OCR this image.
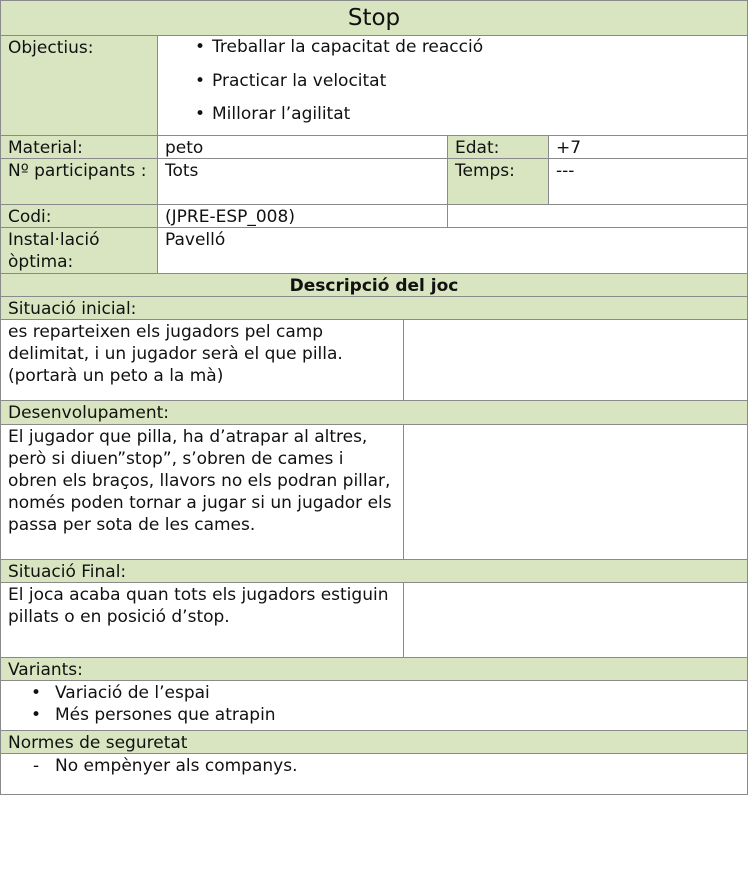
Stop
Objectius:
•	Treballar la capacitat de reacció
• Practicar la velocitat
• Millorar l’agilitat
Material:	peto	Edat:	+7
Nº participants :	Tots	Temps:	---
Codi:	(JPRE-ESP_008)
Instal·lació òptima:
Pavelló
Descripció del joc
Situació inicial:
es reparteixen els jugadors pel camp delimitat, i un jugador serà el que pilla.(portarà un peto a la mà)
Desenvolupament:
El jugador que pilla, ha d’atrapar al altres, però si diuen”stop”, s’obren de cames i obren els braços, llavors no els podran pillar, només poden tornar a jugar si un jugador els passa per sota de les cames.
Situació Final:
El joca acaba quan tots els jugadors estiguin pillats o en posició d’stop.
Variants:
• Variació de l’espai
• Més persones que atrapin
Normes de seguretat
- No empènyer als companys.
